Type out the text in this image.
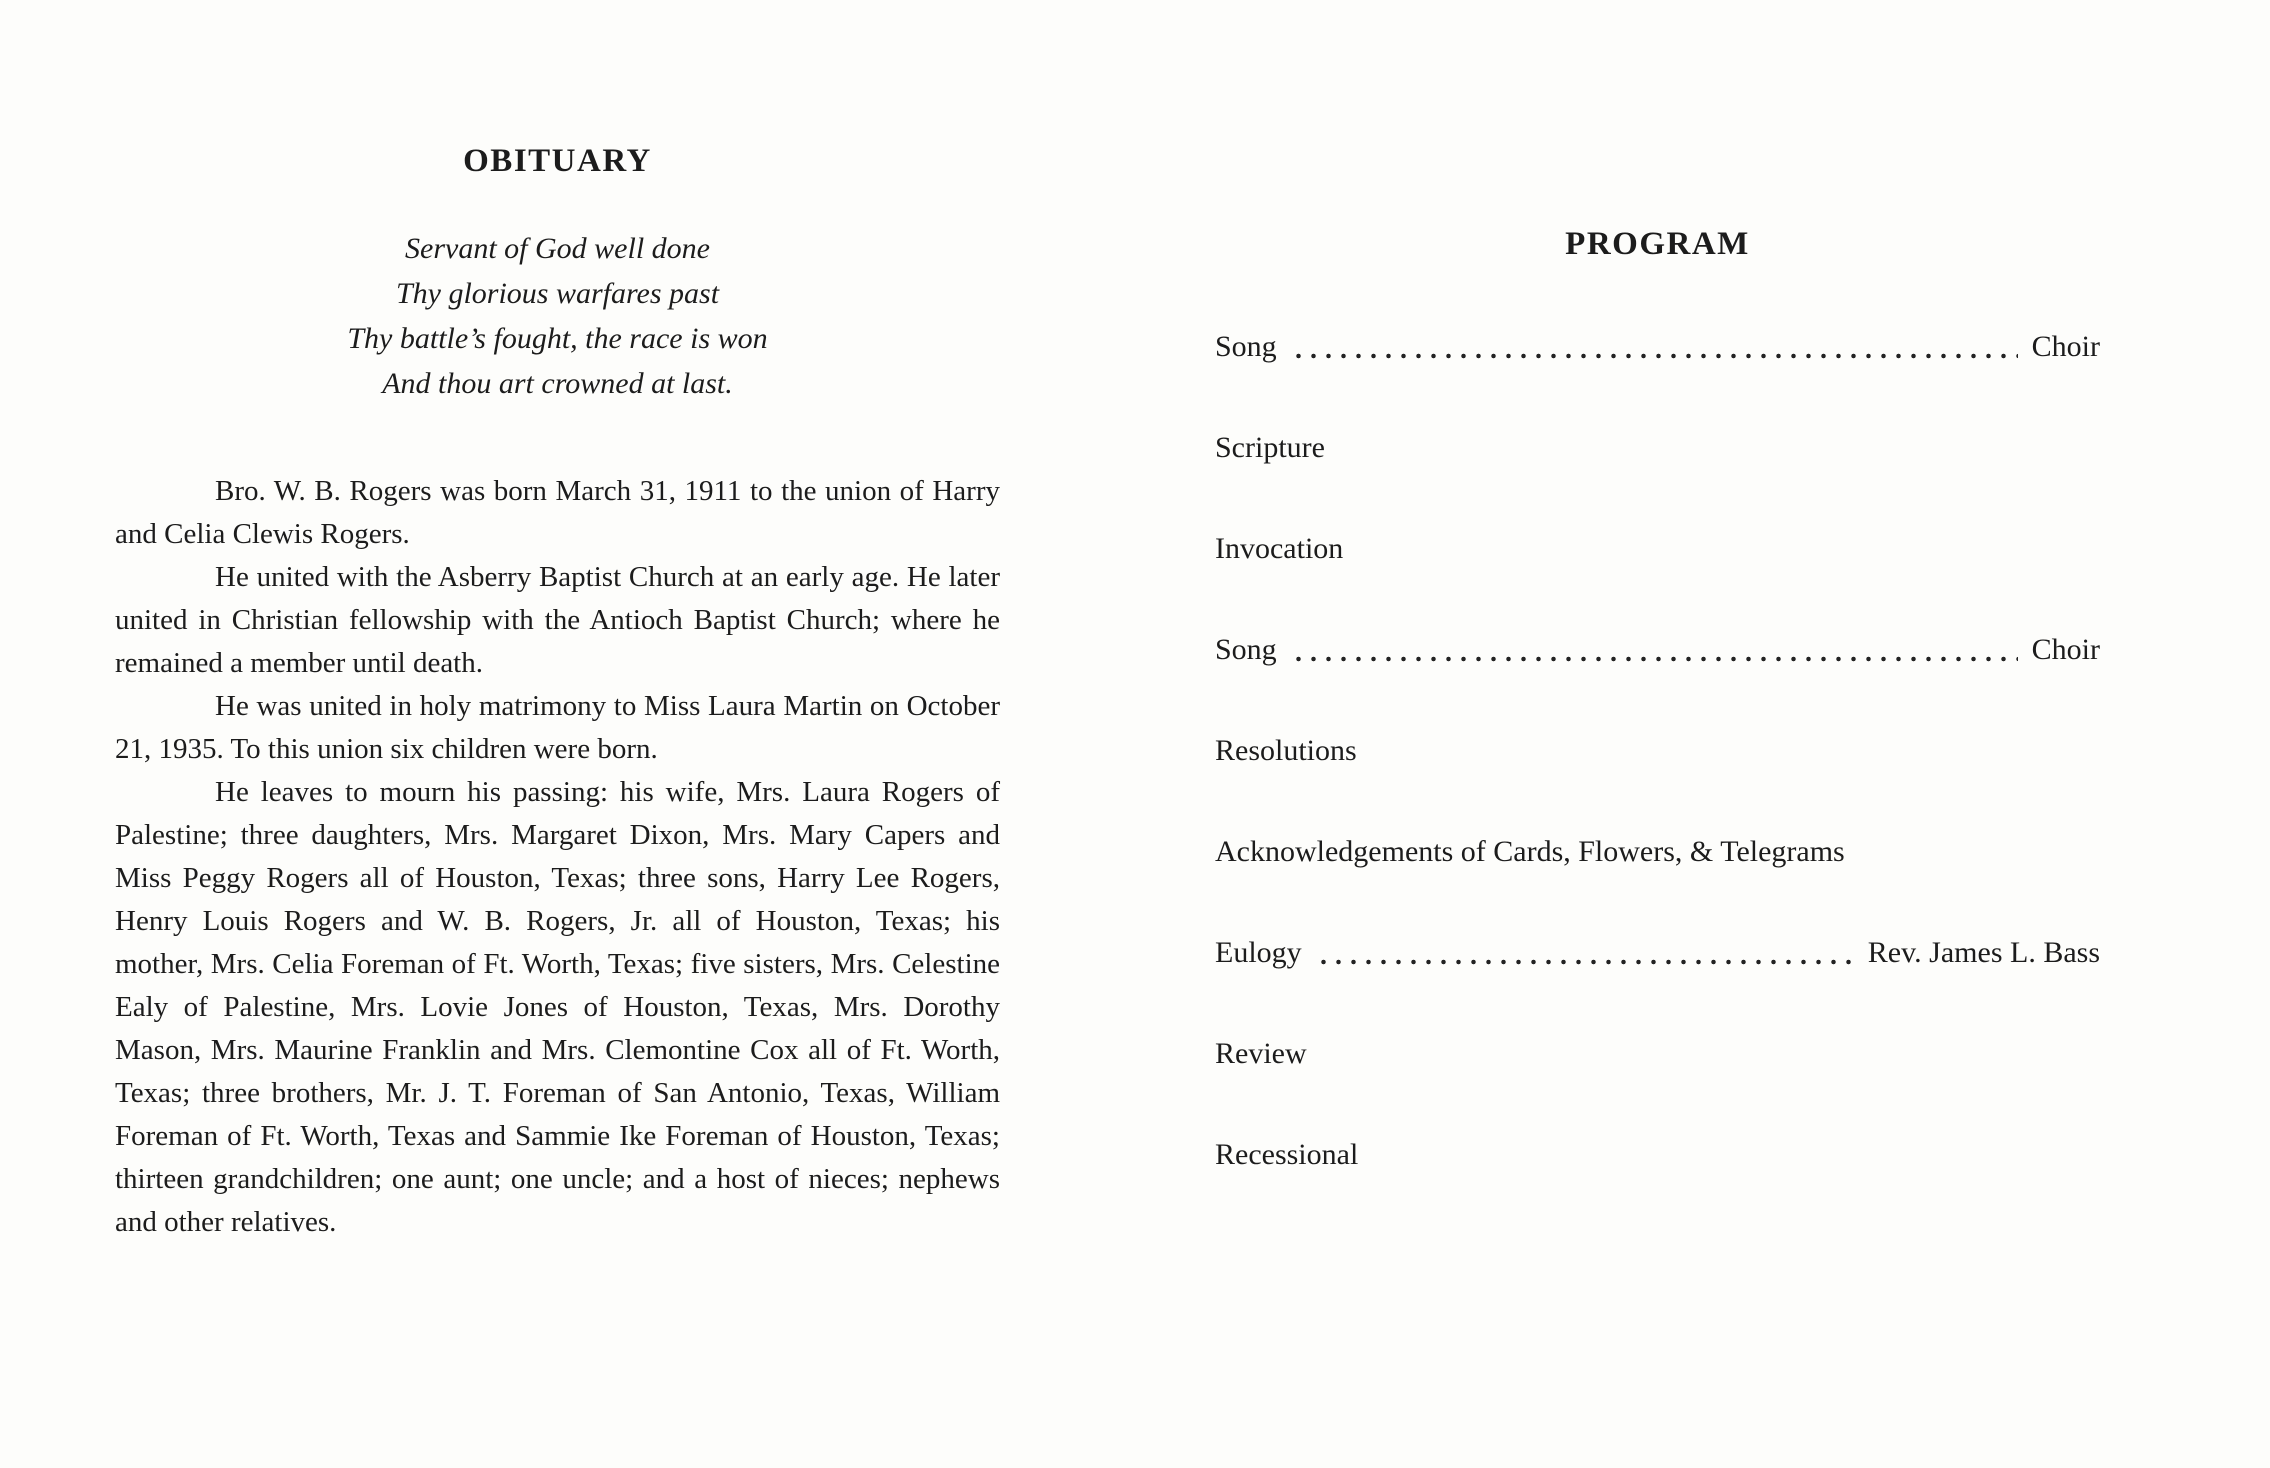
OBITUARY
Servant of God well done
Thy glorious warfares past
Thy battle’s fought, the race is won
And thou art crowned at last.

Bro. W. B. Rogers was born March 31, 1911 to the union of Harry and Celia Clewis Rogers.

He united with the Asberry Baptist Church at an early age. He later united in Christian fellowship with the Antioch Baptist Church; where he remained a member until death.

He was united in holy matrimony to Miss Laura Martin on October 21, 1935. To this union six children were born.

He leaves to mourn his passing: his wife, Mrs. Laura Rogers of Palestine; three daughters, Mrs. Margaret Dixon, Mrs. Mary Capers and Miss Peggy Rogers all of Houston, Texas; three sons, Harry Lee Rogers, Henry Louis Rogers and W. B. Rogers, Jr. all of Houston, Texas; his mother, Mrs. Celia Foreman of Ft. Worth, Texas; five sisters, Mrs. Celestine Ealy of Palestine, Mrs. Lovie Jones of Houston, Texas, Mrs. Dorothy Mason, Mrs. Maurine Franklin and Mrs. Clemontine Cox all of Ft. Worth, Texas; three brothers, Mr. J. T. Foreman of San Antonio, Texas, William Foreman of Ft. Worth, Texas and Sammie Ike Foreman of Houston, Texas; thirteen grandchildren; one aunt; one uncle; and a host of nieces; nephews and other relatives.

PROGRAM
Song	Choir
Scripture
Invocation
Song	Choir
Resolutions
Acknowledgements of Cards, Flowers, & Telegrams
Eulogy	Rev. James L. Bass
Review
Recessional
